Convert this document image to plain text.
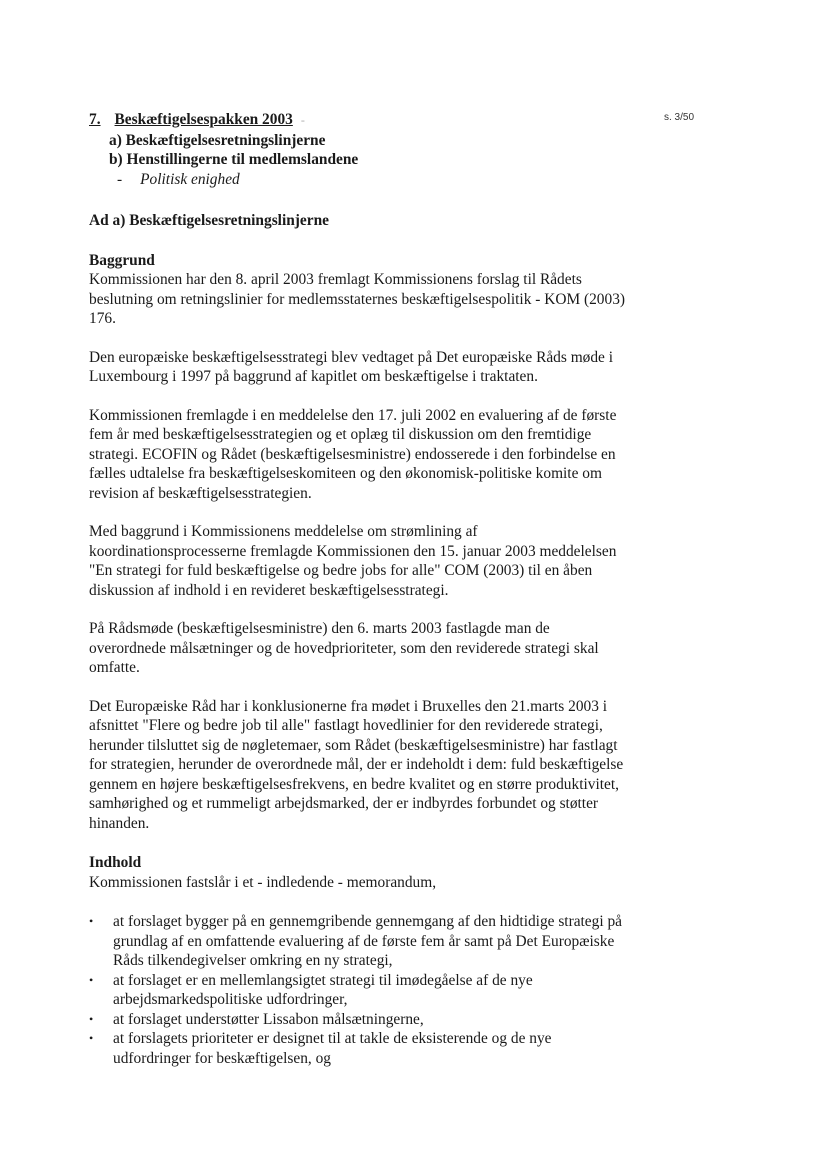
s. 3/50

7. Beskæftigelsespakken 2003 -

a) Beskæftigelsesretningslinjerne

b) Henstillingerne til medlemslandene

- Politisk enighed

Ad a) Beskæftigelsesretningslinjerne

Baggrund

Kommissionen har den 8. april 2003 fremlagt Kommissionens forslag til Rådets beslutning om retningslinier for medlemsstaternes beskæftigelsespolitik - KOM (2003) 176.

Den europæiske beskæftigelsesstrategi blev vedtaget på Det europæiske Råds møde i Luxembourg i 1997 på baggrund af kapitlet om beskæftigelse i traktaten.

Kommissionen fremlagde i en meddelelse den 17. juli 2002 en evaluering af de første fem år med beskæftigelsesstrategien og et oplæg til diskussion om den fremtidige strategi. ECOFIN og Rådet (beskæftigelsesministre) endosserede i den forbindelse en fælles udtalelse fra beskæftigelseskomiteen og den økonomisk-politiske komite om revision af beskæftigelsesstrategien.

Med baggrund i Kommissionens meddelelse om strømlining af koordinationsprocesserne fremlagde Kommissionen den 15. januar 2003 meddelelsen "En strategi for fuld beskæftigelse og bedre jobs for alle" COM (2003) til en åben diskussion af indhold i en revideret beskæftigelsesstrategi.

På Rådsmøde (beskæftigelsesministre) den 6. marts 2003 fastlagde man de overordnede målsætninger og de hovedprioriteter, som den reviderede strategi skal omfatte.

Det Europæiske Råd har i konklusionerne fra mødet i Bruxelles den 21.marts 2003 i afsnittet "Flere og bedre job til alle" fastlagt hovedlinier for den reviderede strategi, herunder tilsluttet sig de nøgletemaer, som Rådet (beskæftigelsesministre) har fastlagt for strategien, herunder de overordnede mål, der er indeholdt i dem: fuld beskæftigelse gennem en højere beskæftigelsesfrekvens, en bedre kvalitet og en større produktivitet, samhørighed og et rummeligt arbejdsmarked, der er indbyrdes forbundet og støtter hinanden.

Indhold

Kommissionen fastslår i et - indledende - memorandum,

• at forslaget bygger på en gennemgribende gennemgang af den hidtidige strategi på grundlag af en omfattende evaluering af de første fem år samt på Det Europæiske Råds tilkendegivelser omkring en ny strategi,
• at forslaget er en mellemlangsigtet strategi til imødegåelse af de nye arbejdsmarkedspolitiske udfordringer,
• at forslaget understøtter Lissabon målsætningerne,
• at forslagets prioriteter er designet til at takle de eksisterende og de nye udfordringer for beskæftigelsen, og
